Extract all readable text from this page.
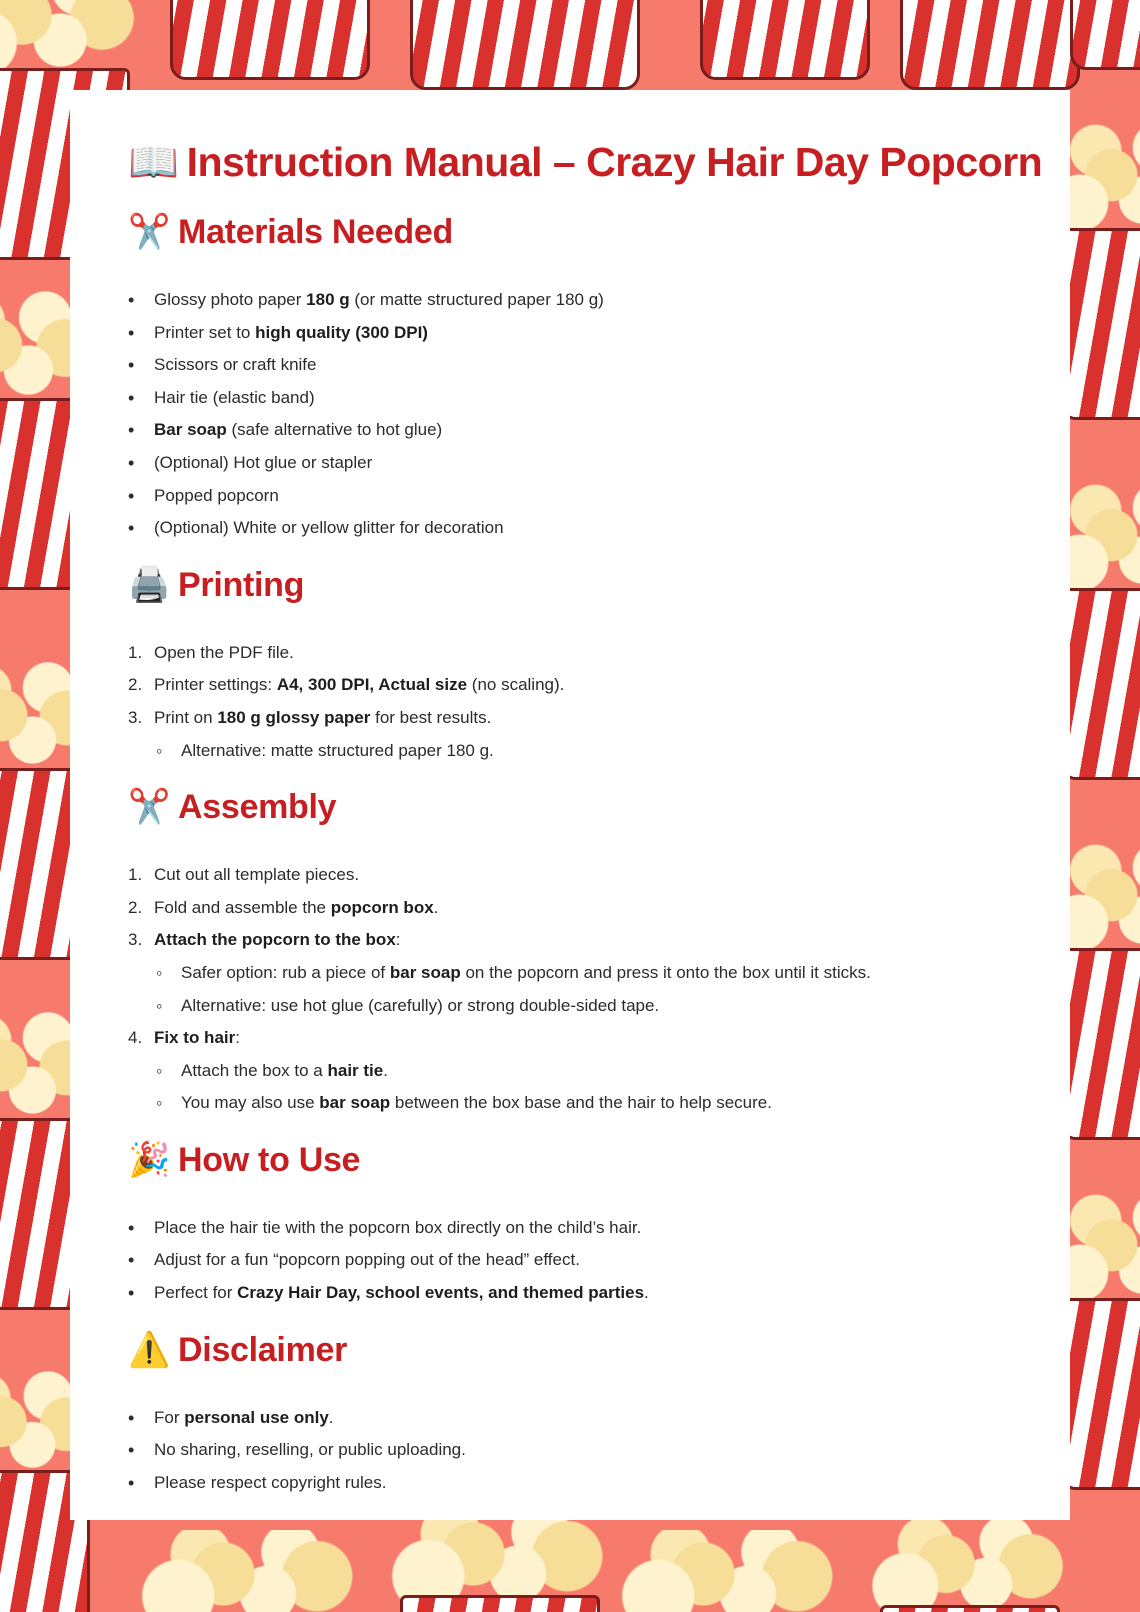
📖 Instruction Manual – Crazy Hair Day Popcorn
✂️ Materials Needed
•
Glossy photo paper 180 g (or matte structured paper 180 g)
•
Printer set to high quality (300 DPI)
•
Scissors or craft knife
•
Hair tie (elastic band)
•
Bar soap (safe alternative to hot glue)
•
(Optional) Hot glue or stapler
•
Popped popcorn
•
(Optional) White or yellow glitter for decoration
🖨️ Printing
1. Open the PDF file.
2. Printer settings: A4, 300 DPI, Actual size (no scaling).
3. Print on 180 g glossy paper for best results.
◦
Alternative: matte structured paper 180 g.
✂️ Assembly
1. Cut out all template pieces.
2. Fold and assemble the popcorn box.
3. Attach the popcorn to the box:
◦
Safer option: rub a piece of bar soap on the popcorn and press it onto the box until it sticks.
◦
Alternative: use hot glue (carefully) or strong double-sided tape.
4. Fix to hair:
◦
Attach the box to a hair tie.
◦
You may also use bar soap between the box base and the hair to help secure.
🎉 How to Use
•
Place the hair tie with the popcorn box directly on the child’s hair.
•
Adjust for a fun “popcorn popping out of the head” effect.
•
Perfect for Crazy Hair Day, school events, and themed parties.
⚠️ Disclaimer
•
For personal use only.
•
No sharing, reselling, or public uploading.
•
Please respect copyright rules.
